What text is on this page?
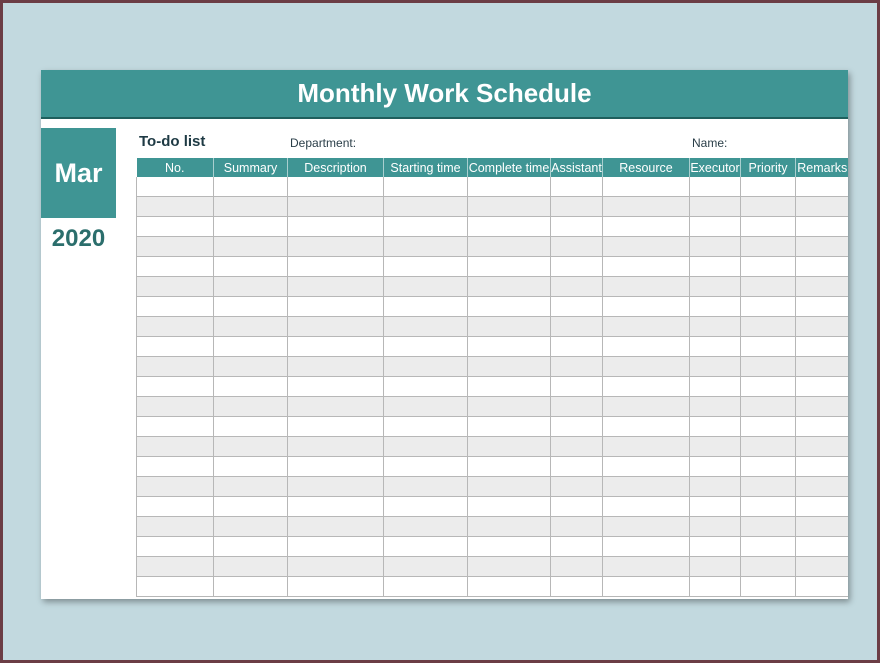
Monthly Work Schedule
Mar
2020
To-do list	Department:	Name:
No.	Summary	Description	Starting time	Complete time	Assistant	Resource	Executor	Priority	Remarks
